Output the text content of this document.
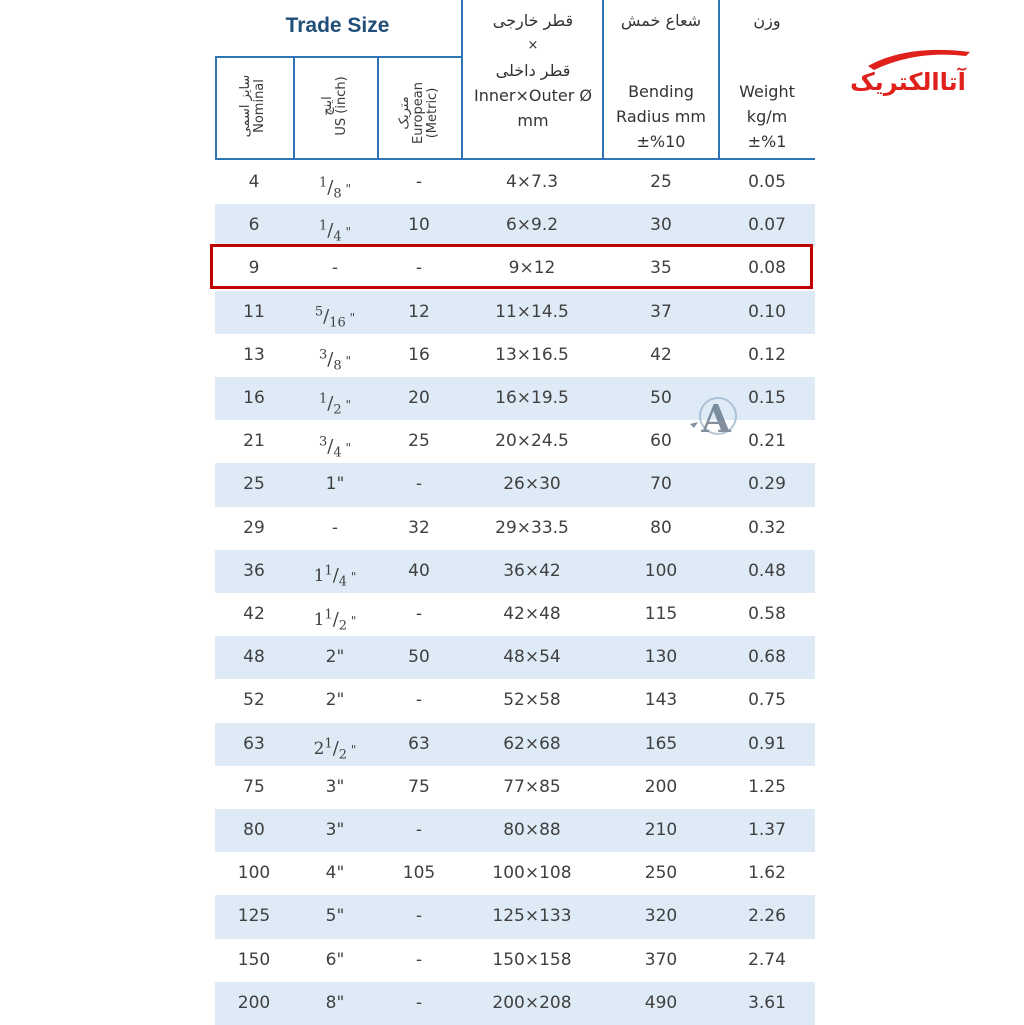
Trade Size	قطر خارجی
×
قطر داخلی
Inner×Outer Ø
mm
شعاع خمش
Bending
Radius mm
±%10
وزن
Weight
kg/m
±%1
سایز اسمی Nominal	اینچ US (inch)	متریک European (Metric)
4	$^1/_8$ "	-	4×7.3	25	0.05
6	$^1/_4$ "	10	6×9.2	30	0.07
9	-	-	9×12	35	0.08
11	$^5/_{16}$ "	12	11×14.5	37	0.10
13	$^3/_8$ "	16	13×16.5	42	0.12
16	$^1/_2$ "	20	16×19.5	50	0.15
21	$^3/_4$ "	25	20×24.5	60	0.21
25	1"	-	26×30	70	0.29
29	-	32	29×33.5	80	0.32
36	$1^1/_4$ "	40	36×42	100	0.48
42	$1^1/_2$ "	-	42×48	115	0.58
48	2"	50	48×54	130	0.68
52	2"	-	52×58	143	0.75
63	$2^1/_2$ "	63	62×68	165	0.91
75	3"	75	77×85	200	1.25
80	3"	-	80×88	210	1.37
100	4"	105	100×108	250	1.62
125	5"	-	125×133	320	2.26
150	6"	-	150×158	370	2.74
200	8"	-	200×208	490	3.61
آتاالکتریک
A
